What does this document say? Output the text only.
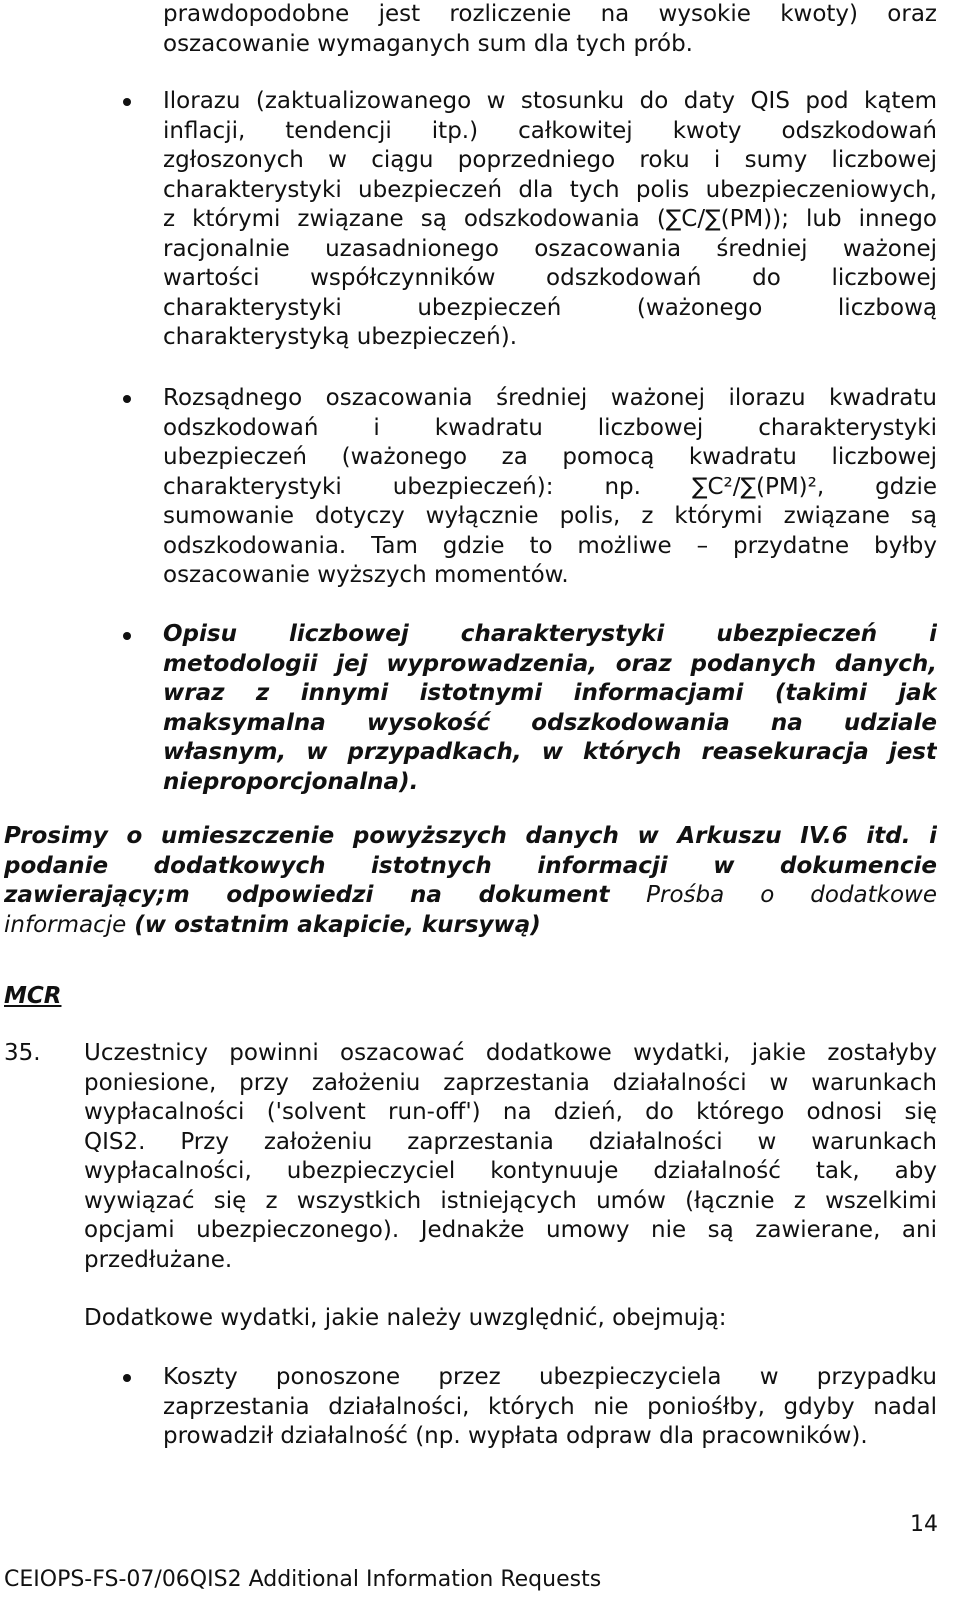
prawdopodobne jest rozliczenie na wysokie kwoty) oraz
oszacowanie wymaganych sum dla tych prób.
Ilorazu (zaktualizowanego w stosunku do daty QIS pod kątem
inflacji, tendencji itp.) całkowitej kwoty odszkodowań
zgłoszonych w ciągu poprzedniego roku i sumy liczbowej
charakterystyki ubezpieczeń dla tych polis ubezpieczeniowych,
z którymi związane są odszkodowania (∑C/∑(PM)); lub innego
racjonalnie uzasadnionego oszacowania średniej ważonej
wartości współczynników odszkodowań do liczbowej
charakterystyki ubezpieczeń (ważonego liczbową
charakterystyką ubezpieczeń).
Rozsądnego oszacowania średniej ważonej ilorazu kwadratu
odszkodowań i kwadratu liczbowej charakterystyki
ubezpieczeń (ważonego za pomocą kwadratu liczbowej
charakterystyki ubezpieczeń): np. ∑C²/∑(PM)², gdzie
sumowanie dotyczy wyłącznie polis, z którymi związane są
odszkodowania. Tam gdzie to możliwe – przydatne byłby
oszacowanie wyższych momentów.
Opisu liczbowej charakterystyki ubezpieczeń i
metodologii jej wyprowadzenia, oraz podanych danych,
wraz z innymi istotnymi informacjami (takimi jak
maksymalna wysokość odszkodowania na udziale
własnym, w przypadkach, w których reasekuracja jest
nieproporcjonalna).
Prosimy o umieszczenie powyższych danych w Arkuszu IV.6 itd. i
podanie dodatkowych istotnych informacji w dokumencie
zawierający;m odpowiedzi na dokument Prośba o dodatkowe
informacje (w ostatnim akapicie, kursywą)
MCR
35. Uczestnicy powinni oszacować dodatkowe wydatki, jakie zostałyby
poniesione, przy założeniu zaprzestania działalności w warunkach
wypłacalności ('solvent run-off') na dzień, do którego odnosi się
QIS2. Przy założeniu zaprzestania działalności w warunkach
wypłacalności, ubezpieczyciel kontynuuje działalność tak, aby
wywiązać się z wszystkich istniejących umów (łącznie z wszelkimi
opcjami ubezpieczonego). Jednakże umowy nie są zawierane, ani
przedłużane.
Dodatkowe wydatki, jakie należy uwzględnić, obejmują:
Koszty ponoszone przez ubezpieczyciela w przypadku
zaprzestania działalności, których nie poniośłby, gdyby nadal
prowadził działalność (np. wypłata odpraw dla pracowników).
14
CEIOPS-FS-07/06QIS2 Additional Information Requests
